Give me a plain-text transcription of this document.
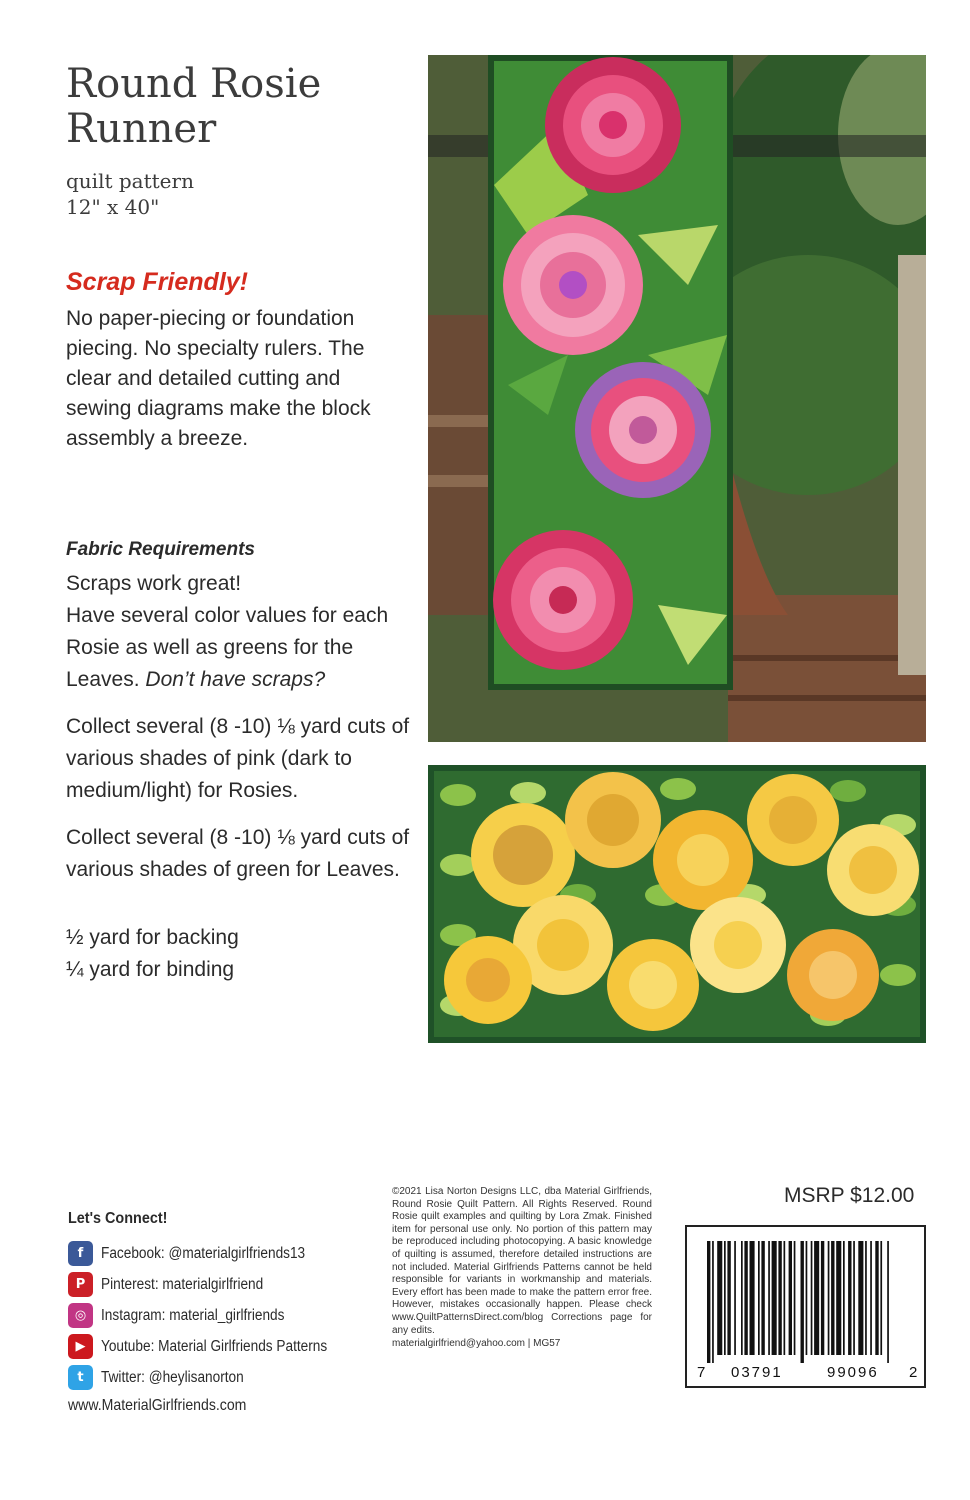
Round Rosie
Runner
quilt pattern
12" x 40"
Scrap Friendly!
No paper-piecing or foundation piecing. No specialty rulers. The clear and detailed cutting and sewing diagrams make the block assembly a breeze.
Fabric Requirements

Scraps work great!

Have several color values for each Rosie as well as greens for the Leaves. Don’t have scraps?

Collect several (8 -10) ⅛ yard cuts of various shades of pink (dark to medium/light) for Rosies.

Collect several (8 -10) ⅛ yard cuts of various shades of green for Leaves.

½ yard for backing

¼ yard for binding

Let's Connect!
f	Facebook: @materialgirlfriends13
P	Pinterest: materialgirlfriend
◎ Instagram: material_girlfriends
▶	Youtube: Material Girlfriends Patterns
t	Twitter: @heylisanorton
www.MaterialGirlfriends.com
©2021 Lisa Norton Designs LLC, dba Material Girlfriends, Round Rosie Quilt Pattern. All Rights Reserved. Round Rosie quilt examples and quilting by Lora Zmak. Finished item for personal use only. No portion of this pattern may be reproduced including photocopying. A basic knowledge of quilting is assumed, therefore detailed instructions are not included. Material Girlfriends Patterns cannot be held responsible for variants in workmanship and materials. Every effort has been made to make the pattern error free. However, mistakes occasionally happen. Please check www.QuiltPatternsDirect.com/blog Corrections page for any edits.
materialgirlfriend@yahoo.com | MG57
MSRP $12.00
7 03791	99096 2
